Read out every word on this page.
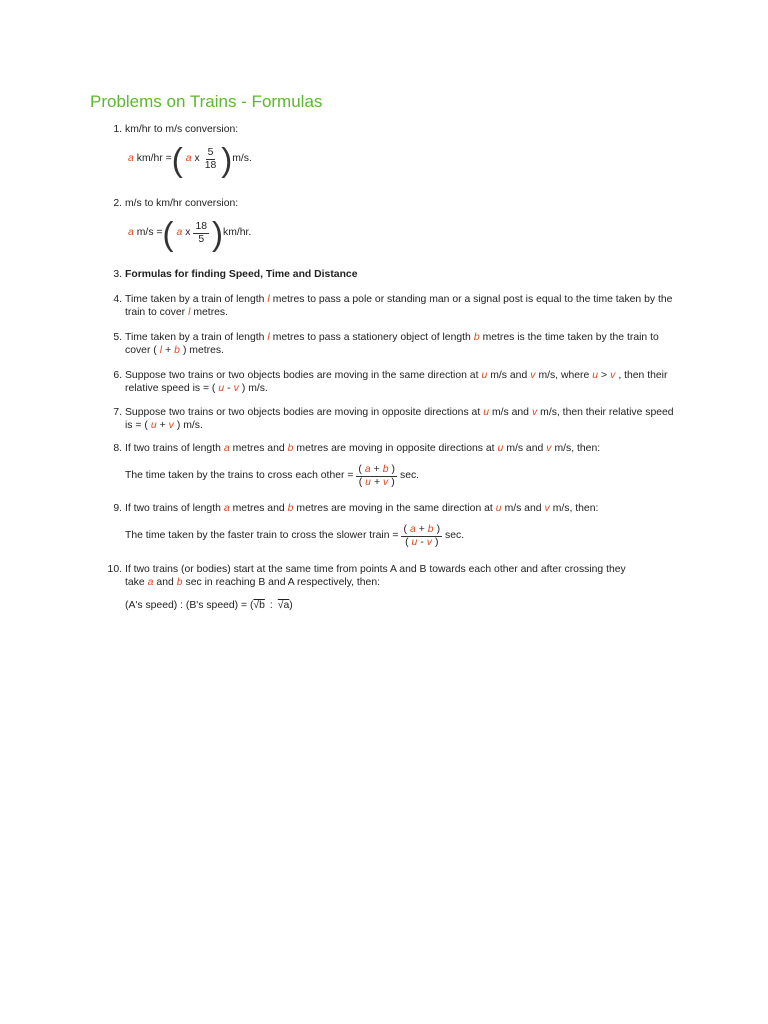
Problems on Trains - Formulas
1. km/hr to m/s conversion:
a km/hr = ( a x $\frac{5}{18}$ ) m/s.
2. m/s to km/hr conversion:
a m/s = ( a x $\frac{18}{5}$ ) km/hr.
3. Formulas for finding Speed, Time and Distance
4. Time taken by a train of length l metres to pass a pole or standing man or a signal post is equal to the time taken by the train to cover l metres.
5. Time taken by a train of length l metres to pass a stationery object of length b metres is the time taken by the train to cover ( l + b ) metres.
6. Suppose two trains or two objects bodies are moving in the same direction at u m/s and v m/s, where u > v , then their relative speed is = ( u - v ) m/s.
7. Suppose two trains or two objects bodies are moving in opposite directions at u m/s and v m/s, then their relative speed is = ( u + v ) m/s.
8. If two trains of length a metres and b metres are moving in opposite directions at u m/s and v m/s, then:
The time taken by the trains to cross each other = $\frac{( a + b )}{( u + v )} \sec$.
9. If two trains of length a metres and b metres are moving in the same direction at u m/s and v m/s, then:
The time taken by the faster train to cross the slower train = $\frac{( a + b )}{( u - v )} \sec$.
10. If two trains (or bodies) start at the same time from points A and B towards each other and after crossing they take a and b sec in reaching B and A respectively, then:
(A's speed) : (B's speed) = ( √b : √a )
